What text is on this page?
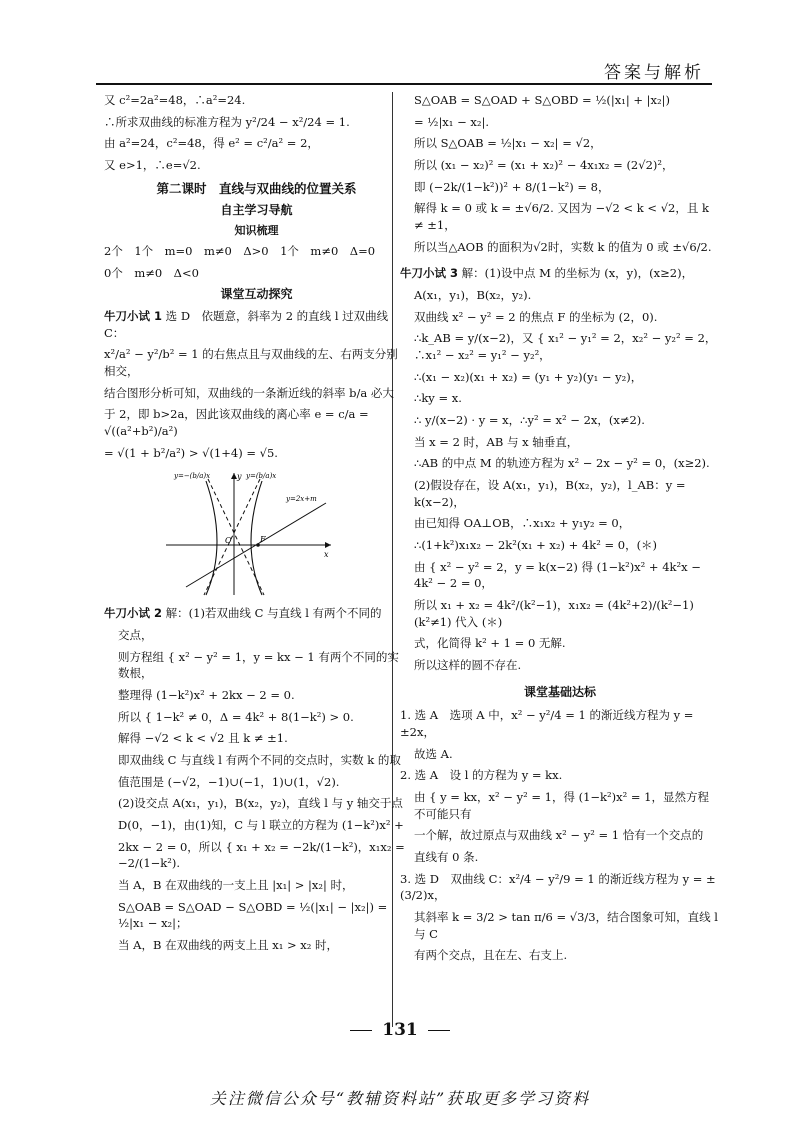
答案与解析
又 c²=2a²=48，∴a²=24.
∴所求双曲线的标准方程为 y²/24 − x²/24 = 1.
由 a²=24，c²=48，得 e² = c²/a² = 2，
又 e>1，∴e=√2.
第二课时　直线与双曲线的位置关系
自主学习导航
知识梳理
2个　1个　m=0　m≠0　Δ>0　1个　m≠0　Δ=0
0个　m≠0　Δ<0
课堂互动探究
牛刀小试 1 选 D　依题意，斜率为 2 的直线 l 过双曲线 C：
x²/a² − y²/b² = 1 的右焦点且与双曲线的左、右两支分别相交，
结合图形分析可知，双曲线的一条渐近线的斜率 b/a 必大
于 2，即 b>2a，因此该双曲线的离心率 e = c/a = √((a²+b²)/a²)
= √(1 + b²/a²) > √(1+4) = √5.
y=−(b/a)x	y=(b/a)x
y=2x+m
y
x
O	F
牛刀小试 2 解：(1)若双曲线 C 与直线 l 有两个不同的
交点，
则方程组 { x² − y² = 1，y = kx − 1 有两个不同的实数根，
整理得 (1−k²)x² + 2kx − 2 = 0.
所以 { 1−k² ≠ 0，Δ = 4k² + 8(1−k²) > 0.
解得 −√2 < k < √2 且 k ≠ ±1.
即双曲线 C 与直线 l 有两个不同的交点时，实数 k 的取
值范围是 (−√2，−1)∪(−1，1)∪(1，√2).
(2)设交点 A(x₁，y₁)，B(x₂，y₂)，直线 l 与 y 轴交于点
D(0，−1)，由(1)知，C 与 l 联立的方程为 (1−k²)x² +
2kx − 2 = 0，所以 { x₁ + x₂ = −2k/(1−k²)，x₁x₂ = −2/(1−k²).
当 A，B 在双曲线的一支上且 |x₁| > |x₂| 时，
S△OAB = S△OAD − S△OBD = ½(|x₁| − |x₂|) = ½|x₁ − x₂|；
当 A，B 在双曲线的两支上且 x₁ > x₂ 时，
S△OAB = S△OAD + S△OBD = ½(|x₁| + |x₂|)
= ½|x₁ − x₂|.
所以 S△OAB = ½|x₁ − x₂| = √2，
所以 (x₁ − x₂)² = (x₁ + x₂)² − 4x₁x₂ = (2√2)²，
即 (−2k/(1−k²))² + 8/(1−k²) = 8，
解得 k = 0 或 k = ±√6/2. 又因为 −√2 < k < √2，且 k ≠ ±1，
所以当△AOB 的面积为√2时，实数 k 的值为 0 或 ±√6/2.
牛刀小试 3 解：(1)设中点 M 的坐标为 (x，y)，(x≥2)，
A(x₁，y₁)，B(x₂，y₂).
双曲线 x² − y² = 2 的焦点 F 的坐标为 (2，0).
∴k_AB = y/(x−2)，又 { x₁² − y₁² = 2，x₂² − y₂² = 2，∴x₁² − x₂² = y₁² − y₂²，
∴(x₁ − x₂)(x₁ + x₂) = (y₁ + y₂)(y₁ − y₂)，
∴ky = x.
∴ y/(x−2) · y = x，∴y² = x² − 2x，(x≠2).
当 x = 2 时，AB 与 x 轴垂直，
∴AB 的中点 M 的轨迹方程为 x² − 2x − y² = 0，(x≥2).
(2)假设存在，设 A(x₁，y₁)，B(x₂，y₂)，l_AB：y = k(x−2)，
由已知得 OA⊥OB，∴x₁x₂ + y₁y₂ = 0，
∴(1+k²)x₁x₂ − 2k²(x₁ + x₂) + 4k² = 0，(＊)
由 { x² − y² = 2，y = k(x−2) 得 (1−k²)x² + 4k²x − 4k² − 2 = 0，
所以 x₁ + x₂ = 4k²/(k²−1)，x₁x₂ = (4k²+2)/(k²−1)(k²≠1) 代入 (＊)
式，化简得 k² + 1 = 0 无解.
所以这样的圆不存在.
课堂基础达标
1. 选 A　选项 A 中，x² − y²/4 = 1 的渐近线方程为 y = ±2x，
故选 A.
2. 选 A　设 l 的方程为 y = kx.
由 { y = kx，x² − y² = 1，得 (1−k²)x² = 1，显然方程不可能只有
一个解，故过原点与双曲线 x² − y² = 1 恰有一个交点的
直线有 0 条.
3. 选 D　双曲线 C：x²/4 − y²/9 = 1 的渐近线方程为 y = ±(3/2)x，
其斜率 k = 3/2 > tan π/6 = √3/3，结合图象可知，直线 l 与 C
有两个交点，且在左、右支上.
131
关注微信公众号“教辅资料站”获取更多学习资料
